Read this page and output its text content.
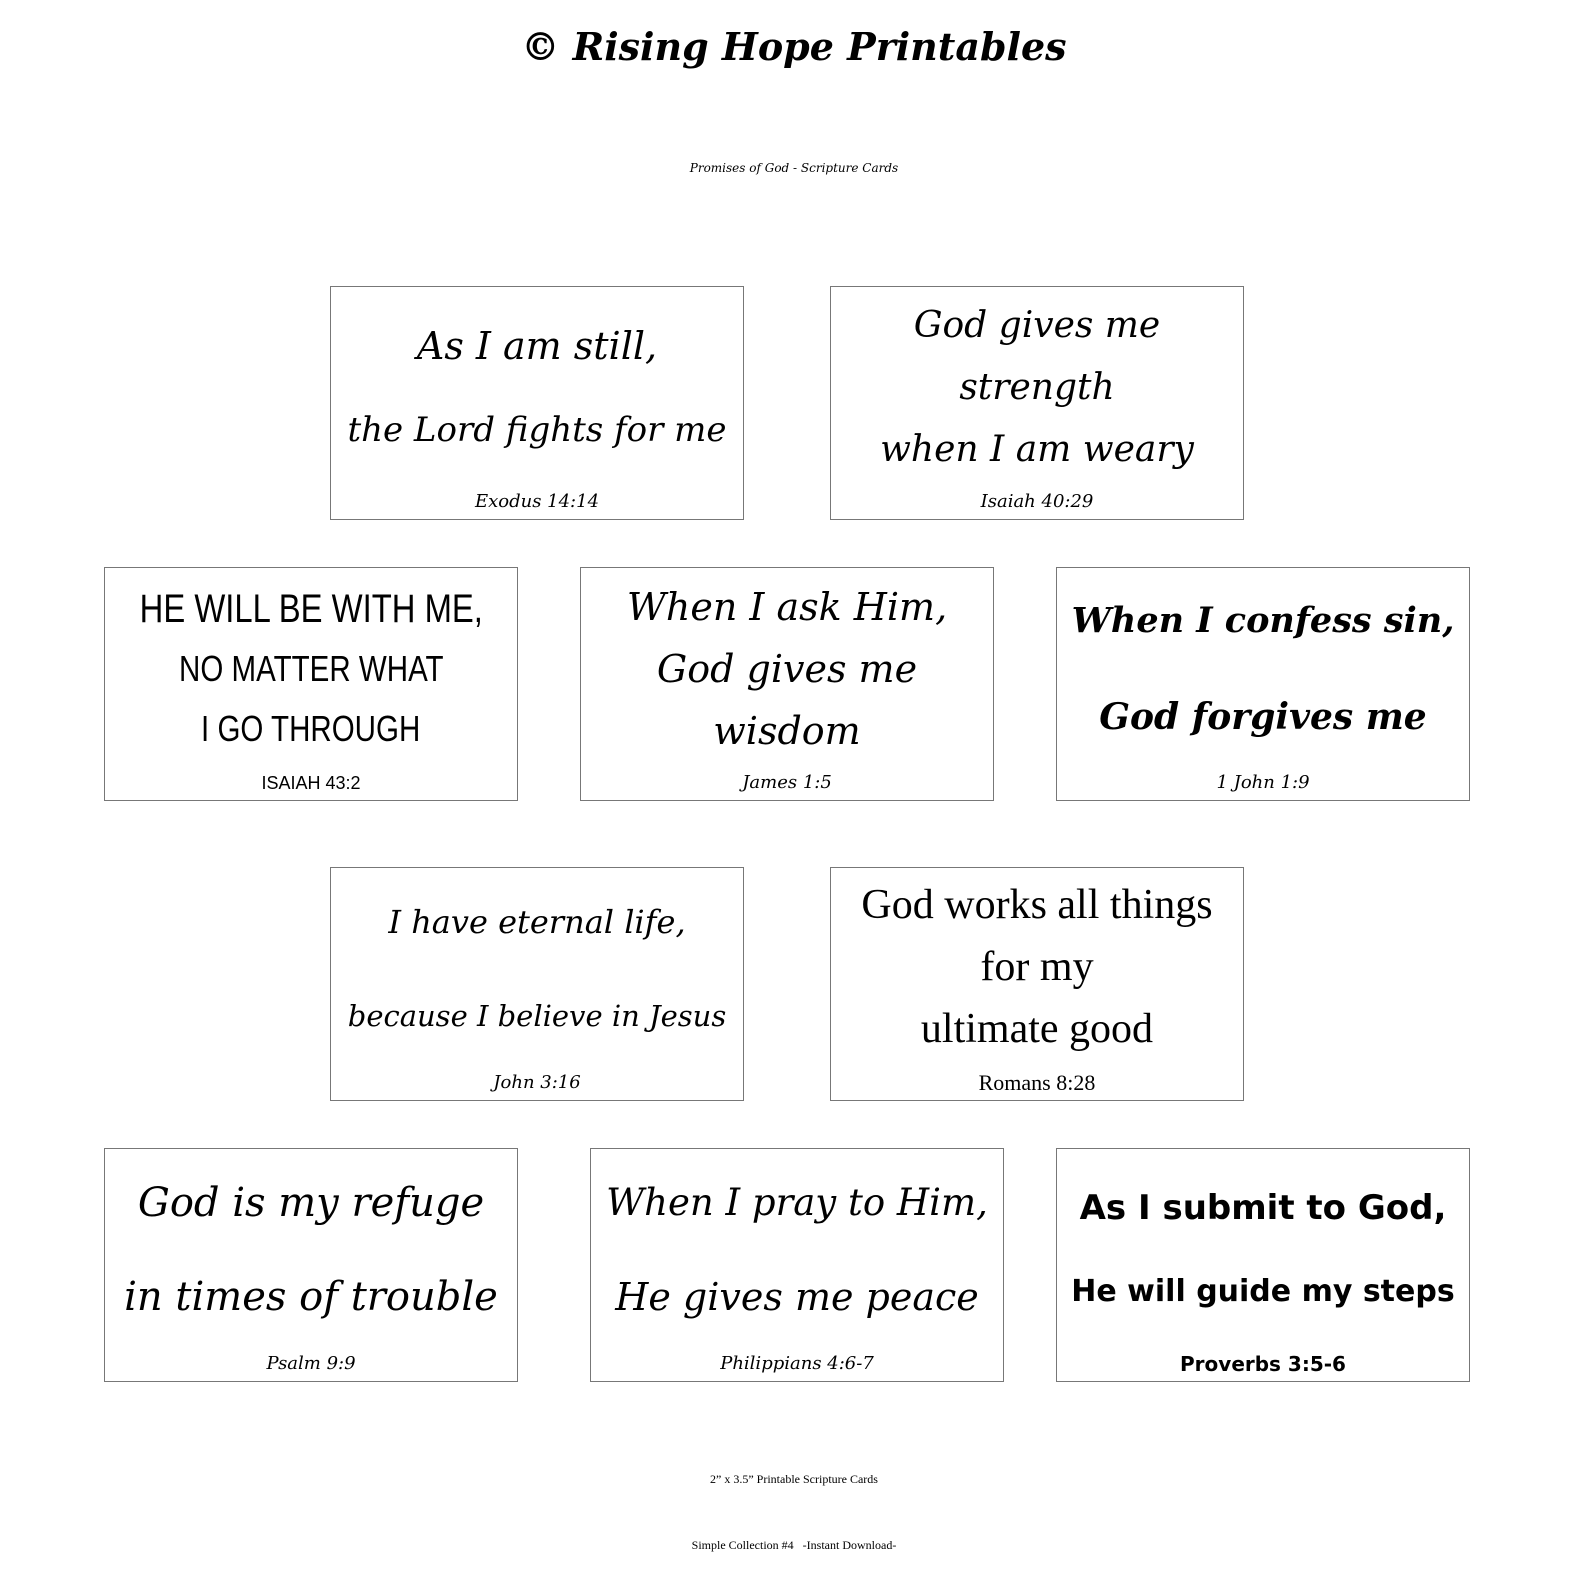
© Rising Hope Printables
Promises of God - Scripture Cards
As I am still,
the Lord fights for me
Exodus 14:14
God gives me
strength
when I am weary
Isaiah 40:29
HE WILL BE WITH ME,
NO MATTER WHAT
I GO THROUGH
ISAIAH 43:2
When I ask Him,
God gives me
wisdom
James 1:5
When I confess sin,
God forgives me
1 John 1:9
I have eternal life,
because I believe in Jesus
John 3:16
God works all things
for my
ultimate good
Romans 8:28
God is my refuge
in times of trouble
Psalm 9:9
When I pray to Him,
He gives me peace
Philippians 4:6-7
As I submit to God,
He will guide my steps
Proverbs 3:5-6
2” x 3.5” Printable Scripture Cards
Simple Collection #4   -Instant Download-
